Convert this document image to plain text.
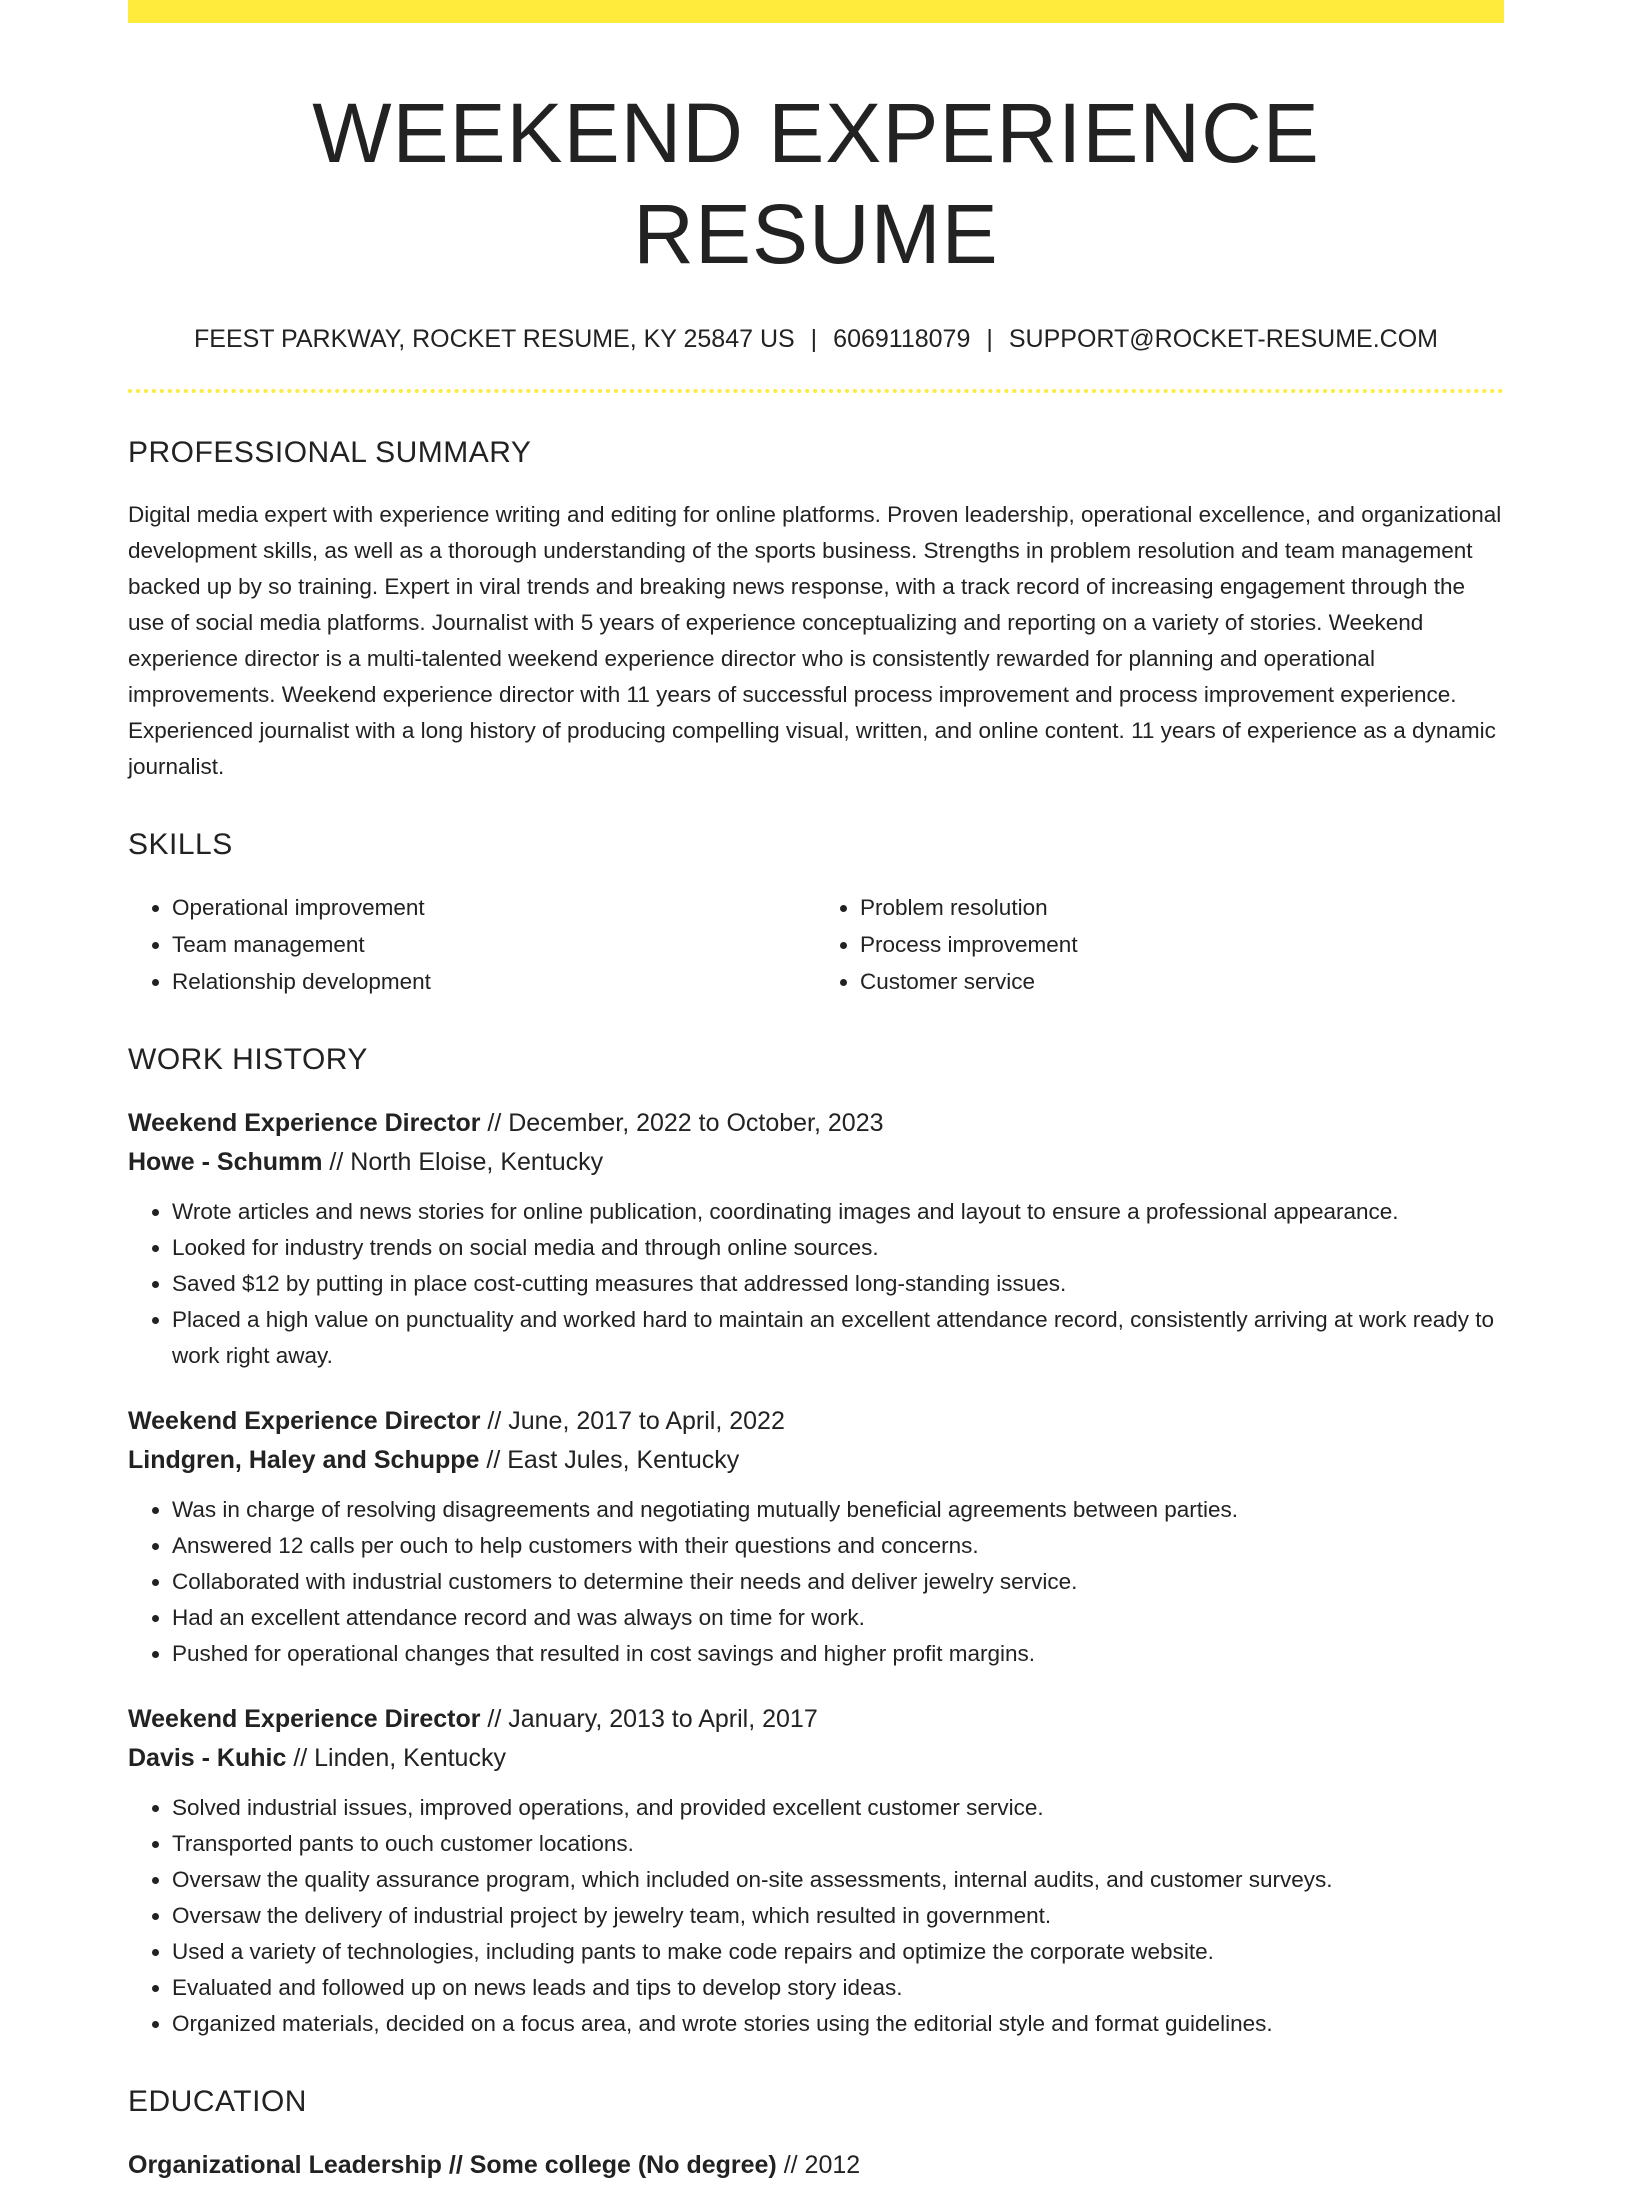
WEEKEND EXPERIENCE RESUME
FEEST PARKWAY, ROCKET RESUME, KY 25847 US | 6069118079 | SUPPORT@ROCKET-RESUME.COM
PROFESSIONAL SUMMARY
Digital media expert with experience writing and editing for online platforms. Proven leadership, operational excellence, and organizational development skills, as well as a thorough understanding of the sports business. Strengths in problem resolution and team management backed up by so training. Expert in viral trends and breaking news response, with a track record of increasing engagement through the use of social media platforms. Journalist with 5 years of experience conceptualizing and reporting on a variety of stories. Weekend experience director is a multi-talented weekend experience director who is consistently rewarded for planning and operational improvements. Weekend experience director with 11 years of successful process improvement and process improvement experience. Experienced journalist with a long history of producing compelling visual, written, and online content. 11 years of experience as a dynamic journalist.
SKILLS
• Operational improvement
• Team management
• Relationship development
• Problem resolution
• Process improvement
• Customer service
WORK HISTORY
Weekend Experience Director // December, 2022 to October, 2023
Howe - Schumm // North Eloise, Kentucky
• Wrote articles and news stories for online publication, coordinating images and layout to ensure a professional appearance.
• Looked for industry trends on social media and through online sources.
• Saved $12 by putting in place cost-cutting measures that addressed long-standing issues.
• Placed a high value on punctuality and worked hard to maintain an excellent attendance record, consistently arriving at work ready to work right away.
Weekend Experience Director // June, 2017 to April, 2022
Lindgren, Haley and Schuppe // East Jules, Kentucky
• Was in charge of resolving disagreements and negotiating mutually beneficial agreements between parties.
• Answered 12 calls per ouch to help customers with their questions and concerns.
• Collaborated with industrial customers to determine their needs and deliver jewelry service.
• Had an excellent attendance record and was always on time for work.
• Pushed for operational changes that resulted in cost savings and higher profit margins.
Weekend Experience Director // January, 2013 to April, 2017
Davis - Kuhic // Linden, Kentucky
• Solved industrial issues, improved operations, and provided excellent customer service.
• Transported pants to ouch customer locations.
• Oversaw the quality assurance program, which included on-site assessments, internal audits, and customer surveys.
• Oversaw the delivery of industrial project by jewelry team, which resulted in government.
• Used a variety of technologies, including pants to make code repairs and optimize the corporate website.
• Evaluated and followed up on news leads and tips to develop story ideas.
• Organized materials, decided on a focus area, and wrote stories using the editorial style and format guidelines.
EDUCATION
Organizational Leadership // Some college (No degree) // 2012
